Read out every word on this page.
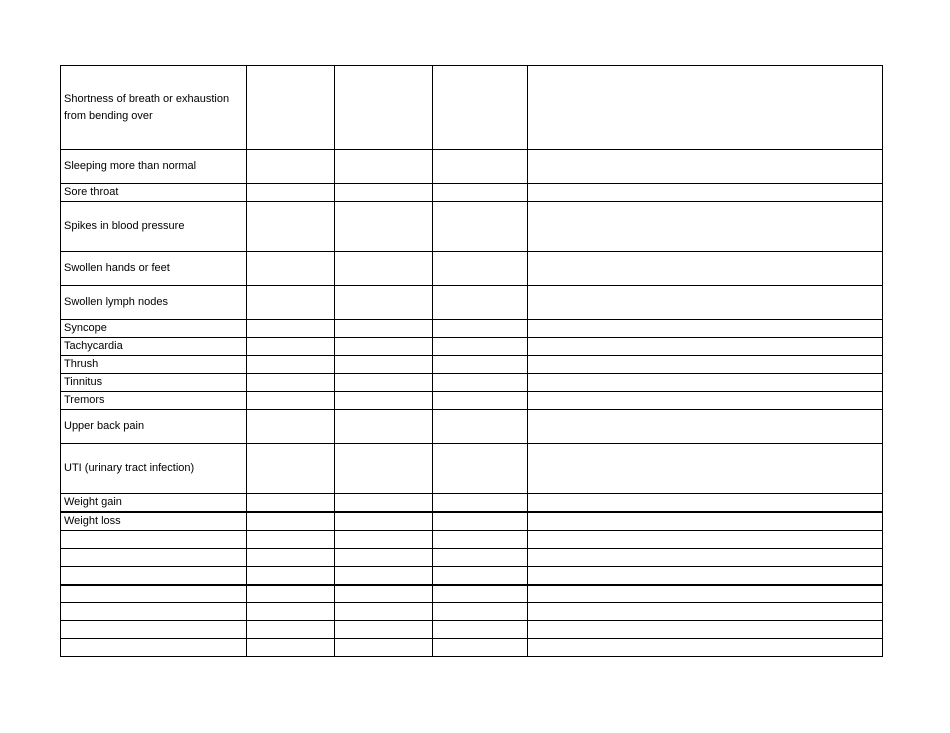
Shortness of breath or exhaustion from bending over				
Sleeping more than normal				
Sore throat				
Spikes in blood pressure				
Swollen hands or feet				
Swollen lymph nodes				
Syncope				
Tachycardia				
Thrush				
Tinnitus				
Tremors				
Upper back pain				
UTI (urinary tract infection)				
Weight gain				
Weight loss				
